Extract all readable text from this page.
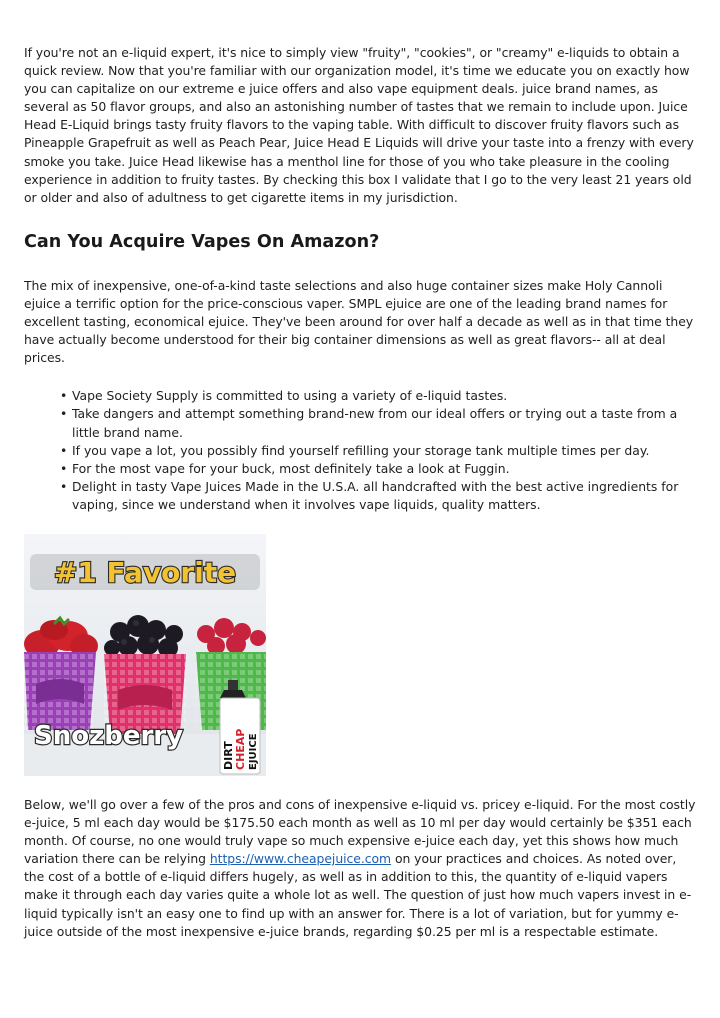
If you're not an e-liquid expert, it's nice to simply view "fruity", "cookies", or "creamy" e-liquids to obtain a quick review. Now that you're familiar with our organization model, it's time we educate you on exactly how you can capitalize on our extreme e juice offers and also vape equipment deals. juice brand names, as several as 50 flavor groups, and also an astonishing number of tastes that we remain to include upon. Juice Head E-Liquid brings tasty fruity flavors to the vaping table. With difficult to discover fruity flavors such as Pineapple Grapefruit as well as Peach Pear, Juice Head E Liquids will drive your taste into a frenzy with every smoke you take. Juice Head likewise has a menthol line for those of you who take pleasure in the cooling experience in addition to fruity tastes. By checking this box I validate that I go to the very least 21 years old or older and also of adultness to get cigarette items in my jurisdiction.

Can You Acquire Vapes On Amazon?

The mix of inexpensive, one-of-a-kind taste selections and also huge container sizes make Holy Cannoli ejuice a terrific option for the price-conscious vaper. SMPL ejuice are one of the leading brand names for excellent tasting, economical ejuice. They've been around for over half a decade as well as in that time they have actually become understood for their big container dimensions as well as great flavors-- all at deal prices.

• Vape Society Supply is committed to using a variety of e-liquid tastes.
• Take dangers and attempt something brand-new from our ideal offers or trying out a taste from a little brand name.
• If you vape a lot, you possibly find yourself refilling your storage tank multiple times per day.
• For the most vape for your buck, most definitely take a look at Fuggin.
• Delight in tasty Vape Juices Made in the U.S.A. all handcrafted with the best active ingredients for vaping, since we understand when it involves vape liquids, quality matters.
#1 Favorite
Snozberry
DIRT CHEAP EJUICE

Below, we'll go over a few of the pros and cons of inexpensive e-liquid vs. pricey e-liquid. For the most costly e-juice, 5 ml each day would be $175.50 each month as well as 10 ml per day would certainly be $351 each month. Of course, no one would truly vape so much expensive e-juice each day, yet this shows how much variation there can be relying https://www.cheapejuice.com on your practices and choices. As noted over, the cost of a bottle of e-liquid differs hugely, as well as in addition to this, the quantity of e-liquid vapers make it through each day varies quite a whole lot as well. The question of just how much vapers invest in e-liquid typically isn't an easy one to find up with an answer for. There is a lot of variation, but for yummy e-juice outside of the most inexpensive e-juice brands, regarding $0.25 per ml is a respectable estimate.
